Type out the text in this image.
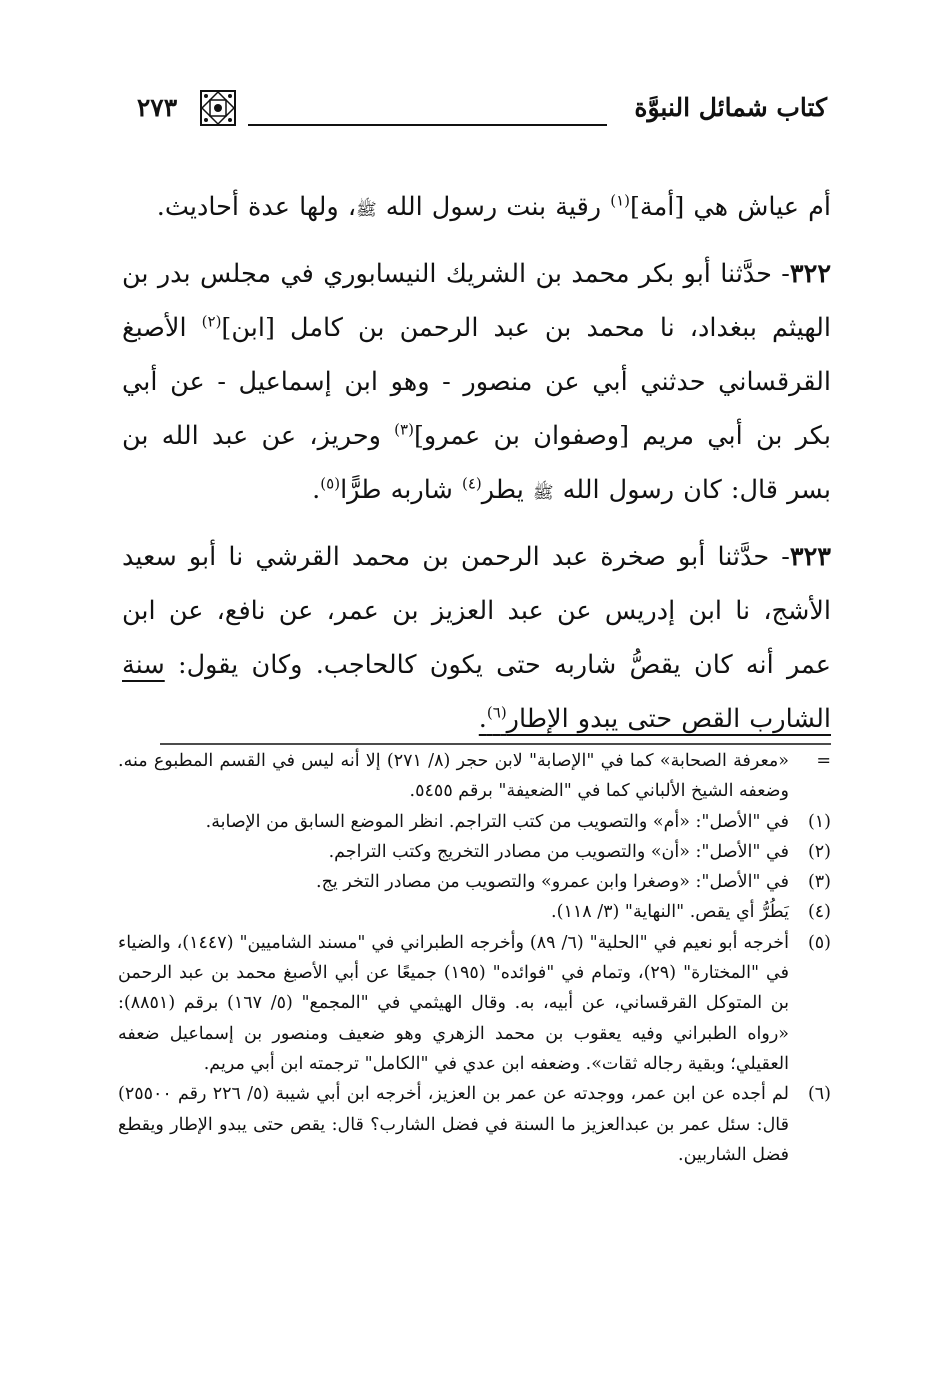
كتاب شمائل النبوَّة
٢٧٣

أم عياش هي [أمة]$^{(١)}$ رقية بنت رسول الله ﷺ، ولها عدة أحاديث.

٣٢٢- حدَّثنا أبو بكر محمد بن الشريك النيسابوري في مجلس بدر بن الهيثم ببغداد، نا محمد بن عبد الرحمن بن كامل [ابن]$^{(٢)}$ الأصبغ القرقساني حدثني أبي عن منصور - وهو ابن إسماعيل - عن أبي بكر بن أبي مريم [وصفوان بن عمرو]$^{(٣)}$ وحريز، عن عبد الله بن بسر قال: كان رسول الله ﷺ يطر$^{(٤)}$ شاربه طرًّا$^{(٥)}$.

٣٢٣- حدَّثنا أبو صخرة عبد الرحمن بن محمد القرشي نا أبو سعيد الأشج، نا ابن إدريس عن عبد العزيز بن عمر، عن نافع، عن ابن عمر أنه كان يقصُّ شاربه حتى يكون كالحاجب. وكان يقول: سنة الشارب القص حتى يبدو الإطار$^{(٦)}$.

=
«معرفة الصحابة» كما في "الإصابة" لابن حجر (٨/ ٢٧١) إلا أنه ليس في القسم المطبوع منه. وضعفه الشيخ الألباني كما في "الضعيفة" برقم ٥٤٥٥.
(١)
في "الأصل": «أم» والتصويب من كتب التراجم. انظر الموضع السابق من الإصابة.
(٢)
في "الأصل": «أن» والتصويب من مصادر التخريج وكتب التراجم.
(٣)
في "الأصل": «وصغرا وابن عمرو» والتصويب من مصادر التخر يج.
(٤)
يَطُرُّ أي يقص. "النهاية" (٣/ ١١٨).
(٥)
أخرجه أبو نعيم في "الحلية" (٦/ ٨٩) وأخرجه الطبراني في "مسند الشاميين" (١٤٤٧)، والضياء في "المختارة" (٢٩)، وتمام في "فوائده" (١٩٥) جميعًا عن أبي الأصبغ محمد بن عبد الرحمن بن المتوكل القرقساني، عن أبيه، به. وقال الهيثمي في "المجمع" (٥/ ١٦٧) برقم (٨٨٥١): «رواه الطبراني وفيه يعقوب بن محمد الزهري وهو ضعيف ومنصور بن إسماعيل ضعفه العقيلي؛ وبقية رجاله ثقات». وضعفه ابن عدي في "الكامل" ترجمته ابن أبي مريم.
(٦)
لم أجده عن ابن عمر، ووجدته عن عمر بن العزيز، أخرجه ابن أبي شيبة (٥/ ٢٢٦ رقم ٢٥٥٠٠) قال: سئل عمر بن عبدالعزيز ما السنة في فضل الشارب؟ قال: يقص حتى يبدو الإطار ويقطع فضل الشاربين.
